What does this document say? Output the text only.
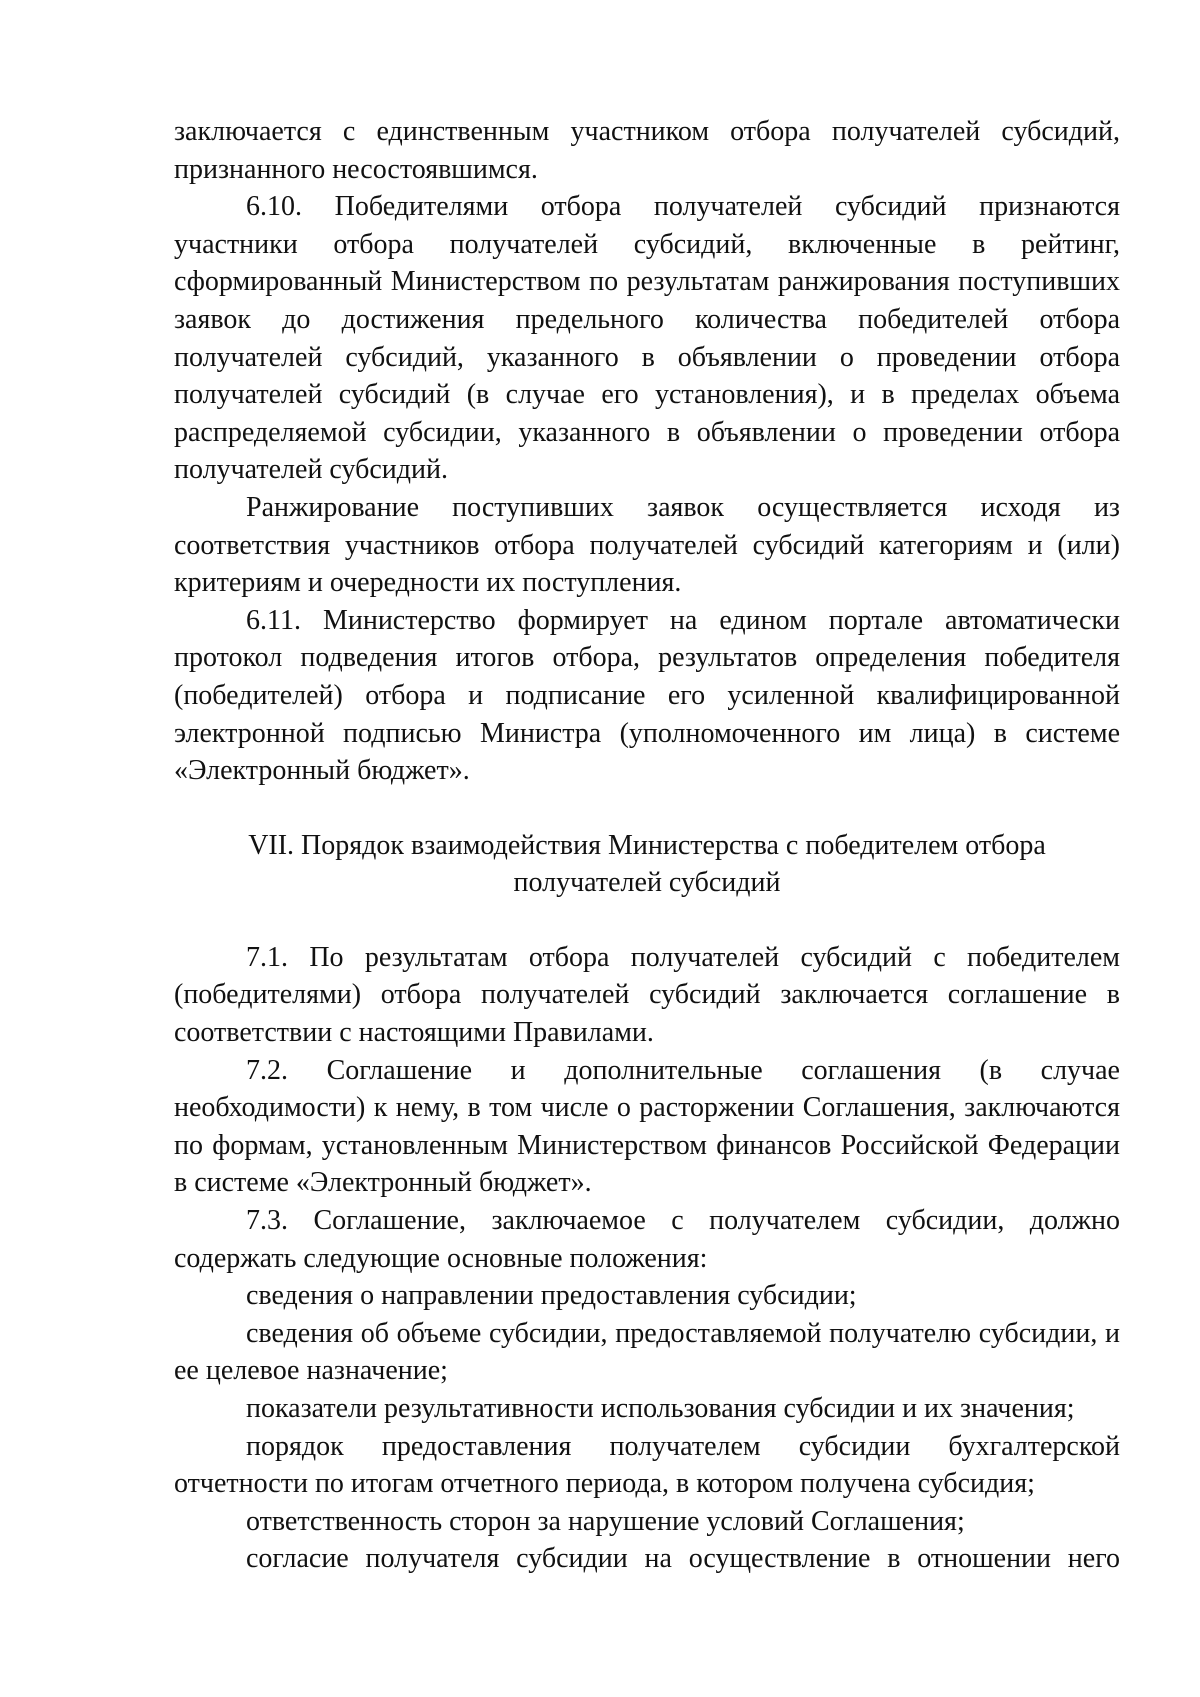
заключается с единственным участником отбора получателей субсидий, признанного несостоявшимся.

6.10. Победителями отбора получателей субсидий признаются участники отбора получателей субсидий, включенные в рейтинг, сформированный Министерством по результатам ранжирования поступивших заявок до достижения предельного количества победителей отбора получателей субсидий, указанного в объявлении о проведении отбора получателей субсидий (в случае его установления), и в пределах объема распределяемой субсидии, указанного в объявлении о проведении отбора получателей субсидий.

Ранжирование поступивших заявок осуществляется исходя из соответствия участников отбора получателей субсидий категориям и (или) критериям и очередности их поступления.

6.11. Министерство формирует на едином портале автоматически протокол подведения итогов отбора, результатов определения победителя (победителей) отбора и подписание его усиленной квалифицированной электронной подписью Министра (уполномоченного им лица) в системе «Электронный бюджет».

VII. Порядок взаимодействия Министерства с победителем отбора
получателей субсидий

7.1. По результатам отбора получателей субсидий с победителем (победителями) отбора получателей субсидий заключается соглашение в соответствии с настоящими Правилами.

7.2. Соглашение и дополнительные соглашения (в случае необходимости) к нему, в том числе о расторжении Соглашения, заключаются по формам, установленным Министерством финансов Российской Федерации в системе «Электронный бюджет».

7.3. Соглашение, заключаемое с получателем субсидии, должно содержать следующие основные положения:

сведения о направлении предоставления субсидии;

сведения об объеме субсидии, предоставляемой получателю субсидии, и ее целевое назначение;

показатели результативности использования субсидии и их значения;

порядок предоставления получателем субсидии бухгалтерской отчетности по итогам отчетного периода, в котором получена субсидия;

ответственность сторон за нарушение условий Соглашения;

согласие получателя субсидии на осуществление в отношении него
